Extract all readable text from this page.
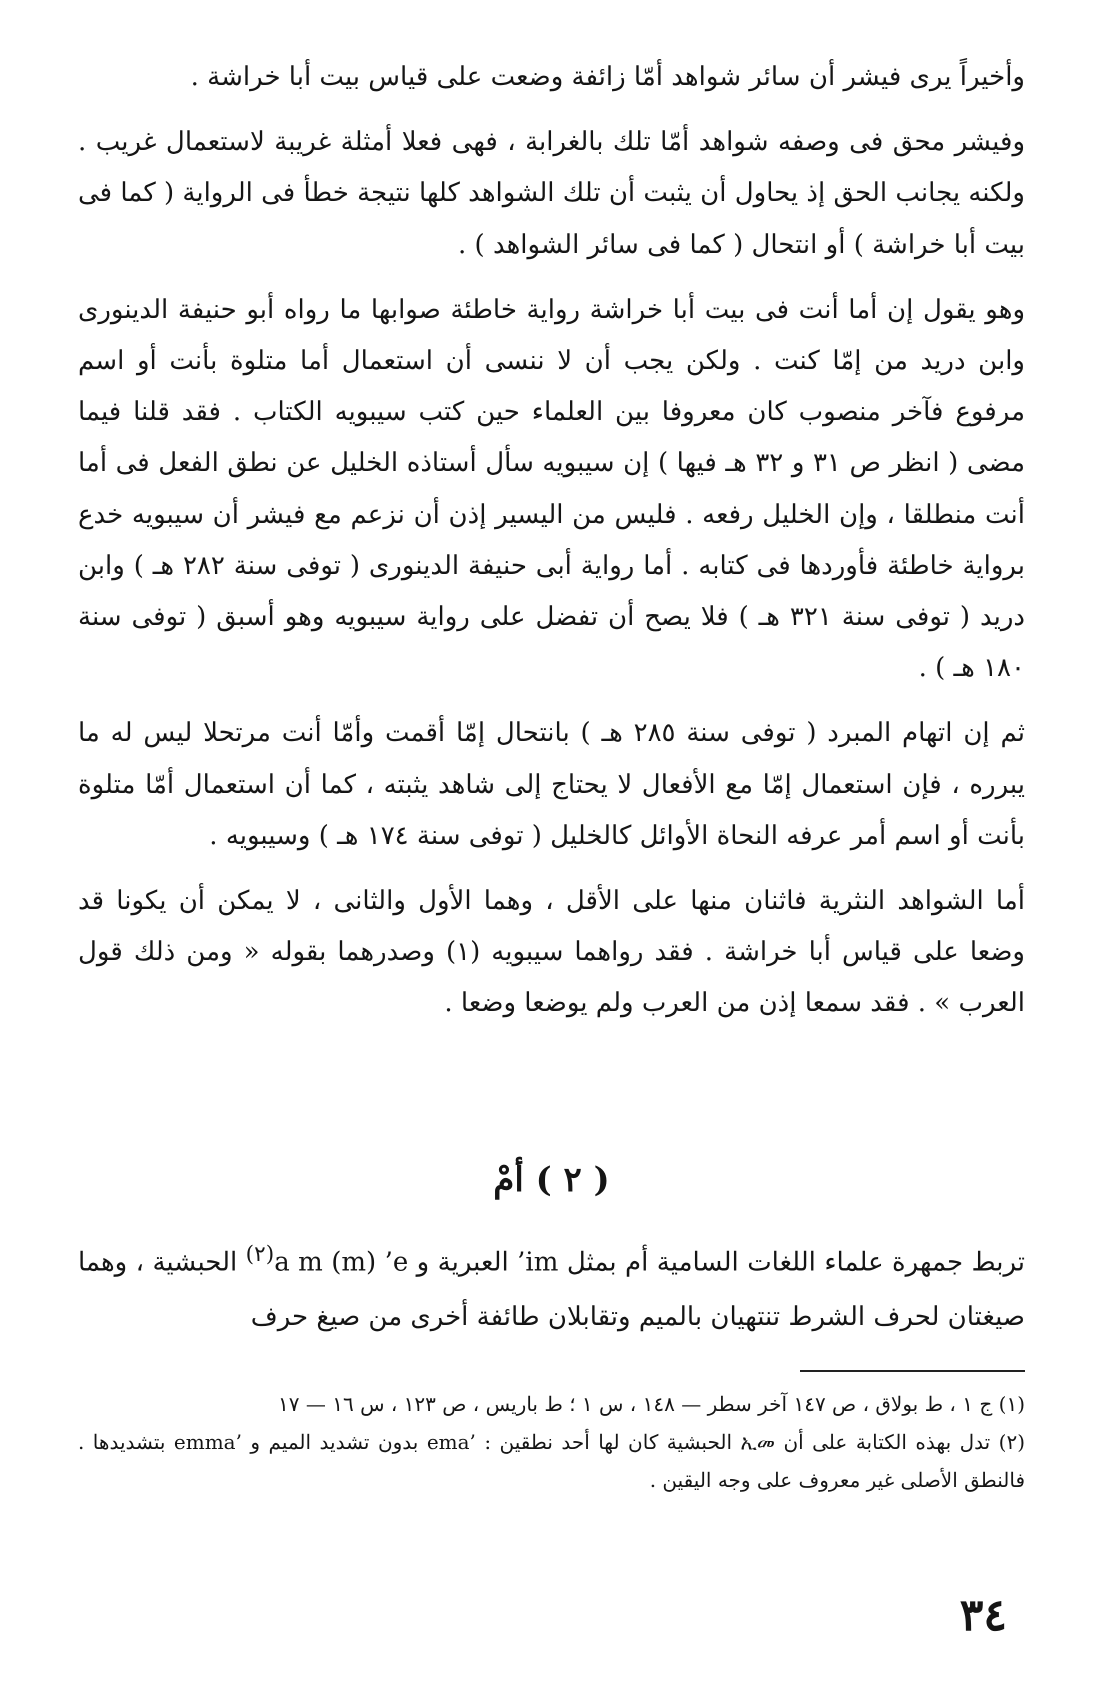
وأخيراً يرى فيشر أن سائر شواهد أمّا زائفة وضعت على قياس بيت أبا خراشة .

وفيشر محق فى وصفه شواهد أمّا تلك بالغرابة ، فهى فعلا أمثلة غريبة لاستعمال غريب . ولكنه يجانب الحق إذ يحاول أن يثبت أن تلك الشواهد كلها نتيجة خطأ فى الرواية ( كما فى بيت أبا خراشة ) أو انتحال ( كما فى سائر الشواهد ) .

وهو يقول إن أما أنت فى بيت أبا خراشة رواية خاطئة صوابها ما رواه أبو حنيفة الدينورى وابن دريد من إمّا كنت . ولكن يجب أن لا ننسى أن استعمال أما متلوة بأنت أو اسم مرفوع فآخر منصوب كان معروفا بين العلماء حين كتب سيبويه الكتاب . فقد قلنا فيما مضى ( انظر ص ٣١ و ٣٢ هـ فيها ) إن سيبويه سأل أستاذه الخليل عن نطق الفعل فى أما أنت منطلقا ، وإن الخليل رفعه . فليس من اليسير إذن أن نزعم مع فيشر أن سيبويه خدع برواية خاطئة فأوردها فى كتابه . أما رواية أبى حنيفة الدينورى ( توفى سنة ٢٨٢ هـ ) وابن دريد ( توفى سنة ٣٢١ هـ ) فلا يصح أن تفضل على رواية سيبويه وهو أسبق ( توفى سنة ١٨٠ هـ ) .

ثم إن اتهام المبرد ( توفى سنة ٢٨٥ هـ ) بانتحال إمّا أقمت وأمّا أنت مرتحلا ليس له ما يبرره ، فإن استعمال إمّا مع الأفعال لا يحتاج إلى شاهد يثبته ، كما أن استعمال أمّا متلوة بأنت أو اسم أمر عرفه النحاة الأوائل كالخليل ( توفى سنة ١٧٤ هـ ) وسيبويه .

أما الشواهد النثرية فاثنان منها على الأقل ، وهما الأول والثانى ، لا يمكن أن يكونا قد وضعا على قياس أبا خراشة . فقد رواهما سيبويه (١) وصدرهما بقوله « ومن ذلك قول العرب » . فقد سمعا إذن من العرب ولم يوضعا وضعا .

( ٢ ) أمْ

تربط جمهرة علماء اللغات السامية أم بمثل ’im العبرية و a m (m) $’e^{(٢)}$ الحبشية ، وهما صيغتان لحرف الشرط تنتهيان بالميم وتقابلان طائفة أخرى من صيغ حرف

(١) ج ١ ، ط بولاق ، ص ١٤٧ آخر سطر — ١٤٨ ، س ١ ؛ ط باريس ، ص ١٢٣ ، س ١٦ — ١٧

(٢) تدل بهذه الكتابة على أن ኢመ الحبشية كان لها أحد نطقين : ’ema بدون تشديد الميم و ’emma بتشديدها . فالنطق الأصلى غير معروف على وجه اليقين .

٣٤
